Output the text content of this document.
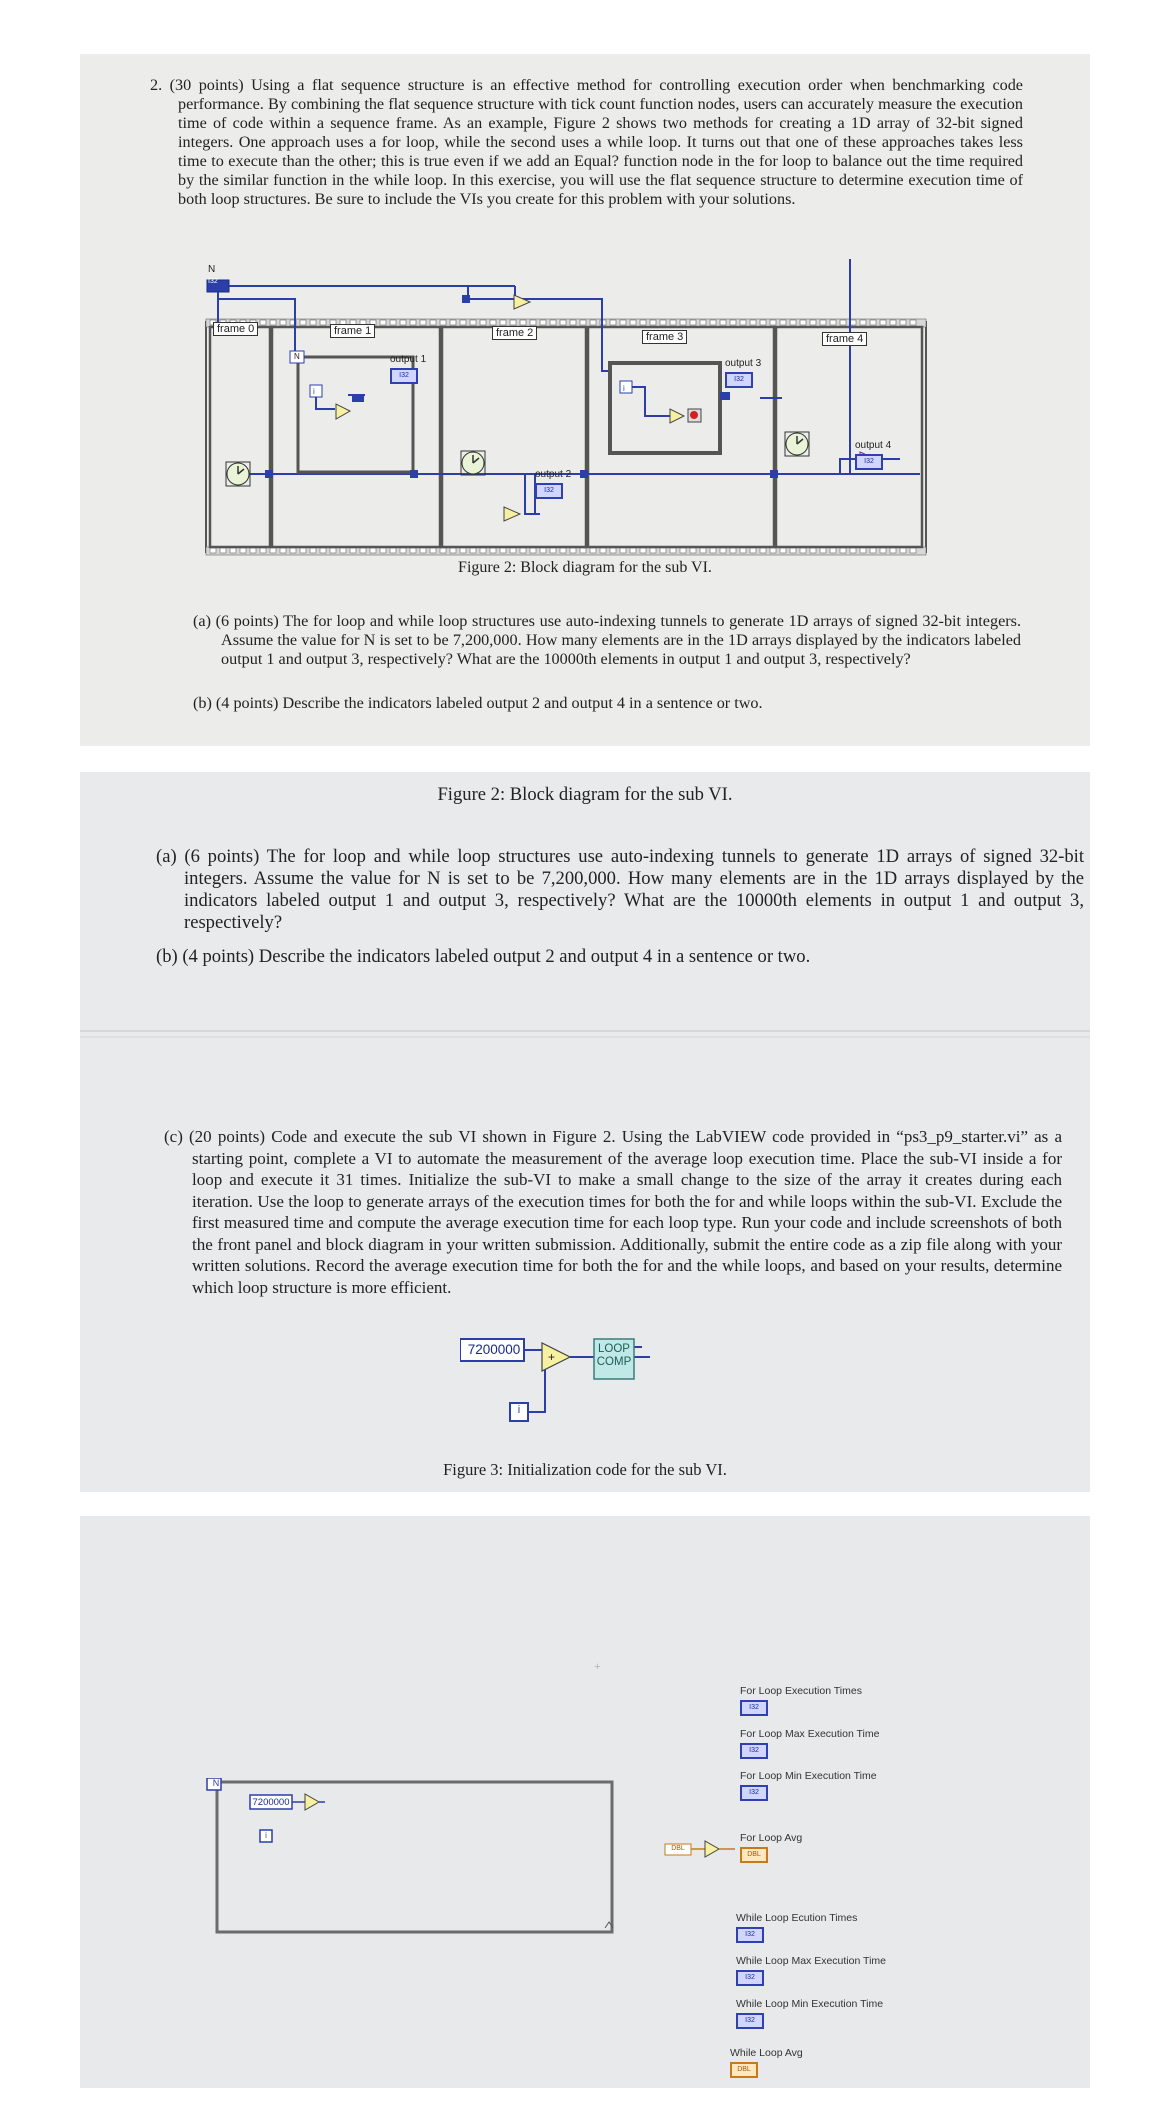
2. (30 points) Using a flat sequence structure is an effective method for controlling execution order when benchmarking code performance. By combining the flat sequence structure with tick count function nodes, users can accurately measure the execution time of code within a sequence frame. As an example, Figure 2 shows two methods for creating a 1D array of 32-bit signed integers. One approach uses a for loop, while the second uses a while loop. It turns out that one of these approaches takes less time to execute than the other; this is true even if we add an Equal? function node in the for loop to balance out the time required by the similar function in the while loop. In this exercise, you will use the flat sequence structure to determine execution time of both loop structures. Be sure to include the VIs you create for this problem with your solutions.
frame 0	frame 1	frame 2	frame 3	frame 4
N
I32
N
i	i
output 1
I32
output 2
I32
output 3
I32
output 4
I32
Figure 2: Block diagram for the sub VI.
(a) (6 points) The for loop and while loop structures use auto-indexing tunnels to generate 1D arrays of signed 32-bit integers. Assume the value for N is set to be 7,200,000. How many elements are in the 1D arrays displayed by the indicators labeled output 1 and output 3, respectively? What are the 10000th elements in output 1 and output 3, respectively?
(b) (4 points) Describe the indicators labeled output 2 and output 4 in a sentence or two.
Figure 2: Block diagram for the sub VI.
(a) (6 points) The for loop and while loop structures use auto-indexing tunnels to generate 1D arrays of signed 32-bit integers. Assume the value for N is set to be 7,200,000. How many elements are in the 1D arrays displayed by the indicators labeled output 1 and output 3, respectively? What are the 10000th elements in output 1 and output 3, respectively?
(b) (4 points) Describe the indicators labeled output 2 and output 4 in a sentence or two.
(c) (20 points) Code and execute the sub VI shown in Figure 2. Using the LabVIEW code provided in “ps3_p9_starter.vi” as a starting point, complete a VI to automate the measurement of the average loop execution time. Place the sub-VI inside a for loop and execute it 31 times. Initialize the sub-VI to make a small change to the size of the array it creates during each iteration. Use the loop to generate arrays of the execution times for both the for and while loops within the sub-VI. Exclude the first measured time and compute the average execution time for each loop type. Run your code and include screenshots of both the front panel and block diagram in your written submission. Additionally, submit the entire code as a zip file along with your written solutions. Record the average execution time for both the for and the while loops, and based on your results, determine which loop structure is more efficient.
+
7200000	LOOP
COMP
i
Figure 3: Initialization code for the sub VI.
+
N
7200000
i
DBL
For Loop Execution Times
I32
For Loop Max Execution Time
I32
For Loop Min Execution Time
I32
For Loop Avg
DBL
While Loop Ecution Times
I32
While Loop Max Execution Time
I32
While Loop Min Execution Time
I32
While Loop Avg
DBL
